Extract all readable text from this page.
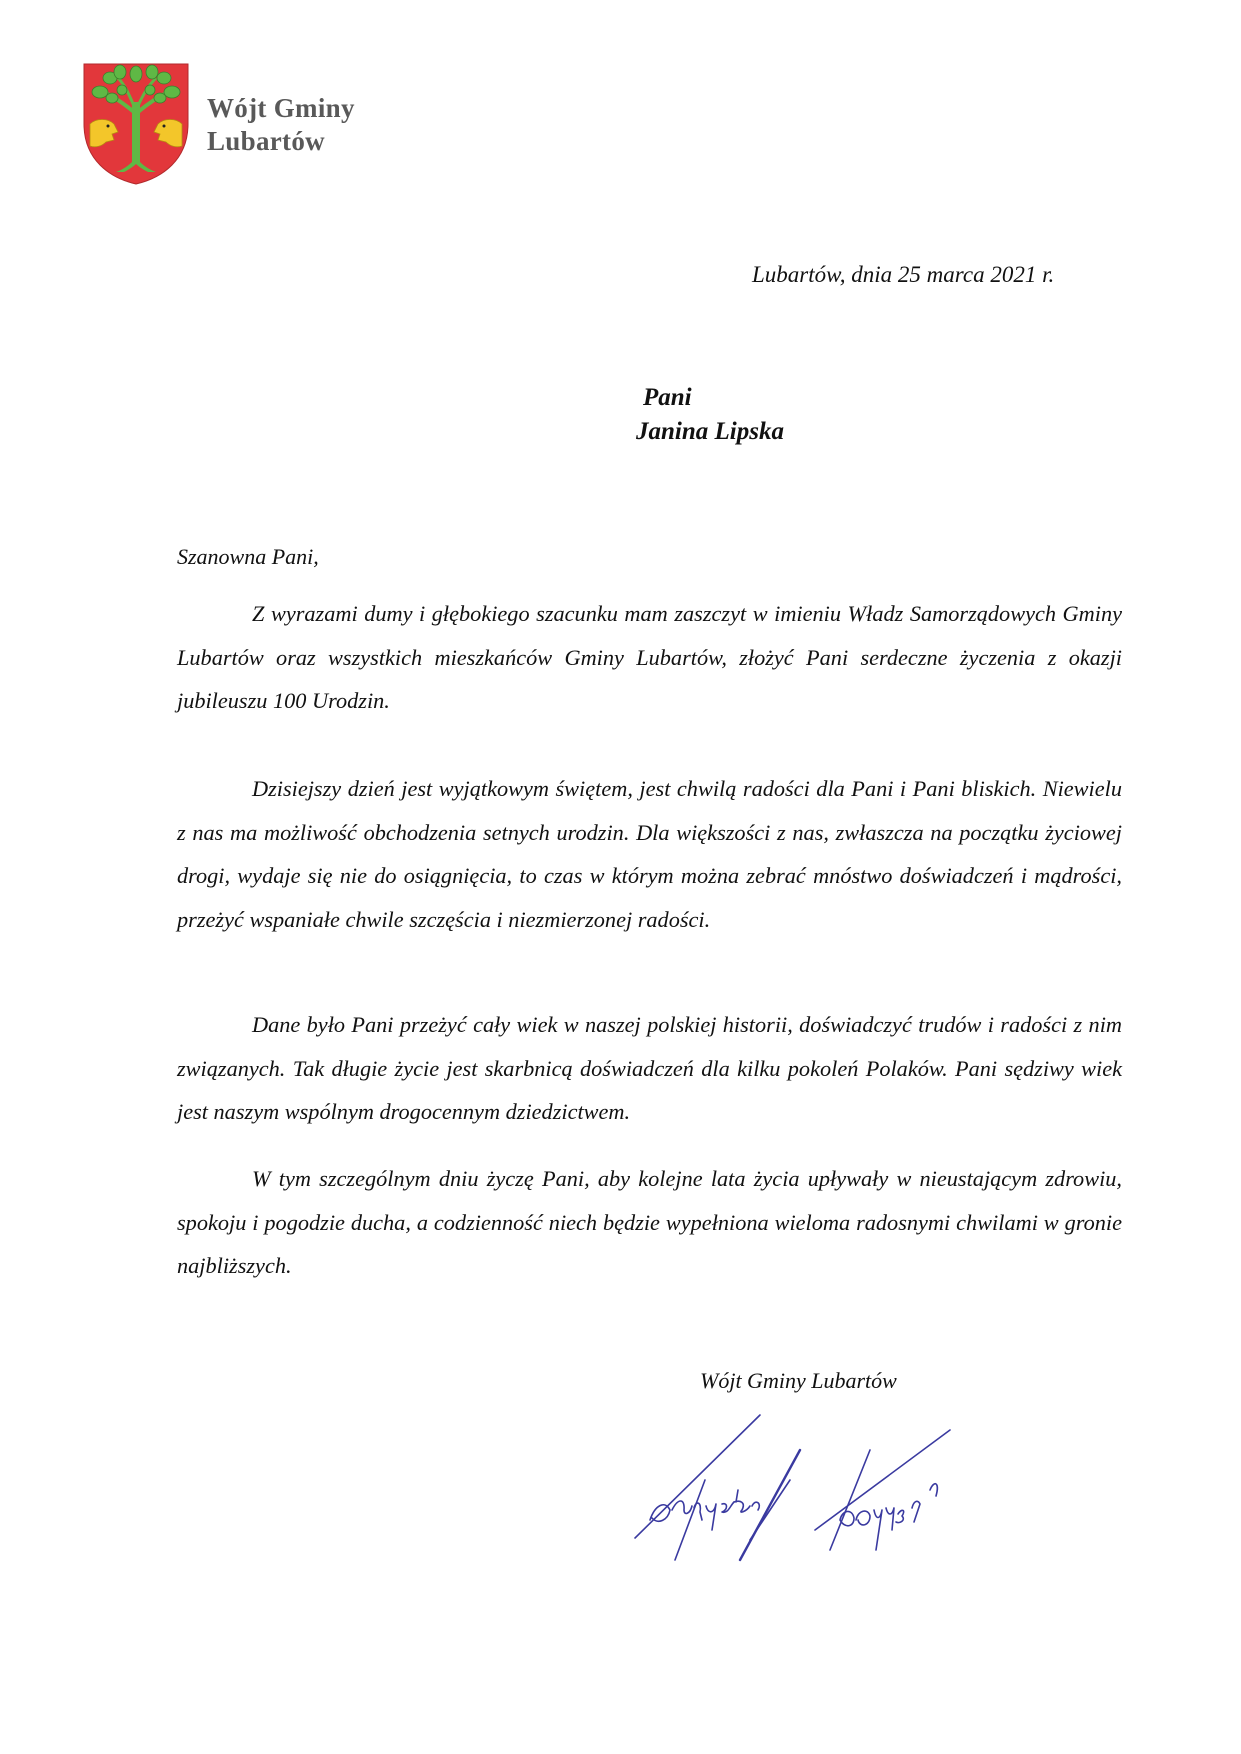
Wójt Gminy
Lubartów
Lubartów, dnia 25 marca 2021 r.
Pani
Janina Lipska
Szanowna Pani,

Z wyrazami dumy i głębokiego szacunku mam zaszczyt w imieniu Władz Samorządowych Gminy Lubartów oraz wszystkich mieszkańców Gminy Lubartów, złożyć Pani serdeczne życzenia z okazji jubileuszu 100 Urodzin.

Dzisiejszy dzień jest wyjątkowym świętem, jest chwilą radości dla Pani i Pani bliskich. Niewielu z nas ma możliwość obchodzenia setnych urodzin. Dla większości z nas, zwłaszcza na początku życiowej drogi, wydaje się nie do osiągnięcia, to czas w którym można zebrać mnóstwo doświadczeń i mądrości, przeżyć wspaniałe chwile szczęścia i niezmierzonej radości.

Dane było Pani przeżyć cały wiek w naszej polskiej historii, doświadczyć trudów i radości z nim związanych. Tak długie życie jest skarbnicą doświadczeń dla kilku pokoleń Polaków. Pani sędziwy wiek jest naszym wspólnym drogocennym dziedzictwem.

W tym szczególnym dniu życzę Pani, aby kolejne lata życia upływały w nieustającym zdrowiu, spokoju i pogodzie ducha, a codzienność niech będzie wypełniona wieloma radosnymi chwilami w gronie najbliższych.

Wójt Gminy Lubartów
